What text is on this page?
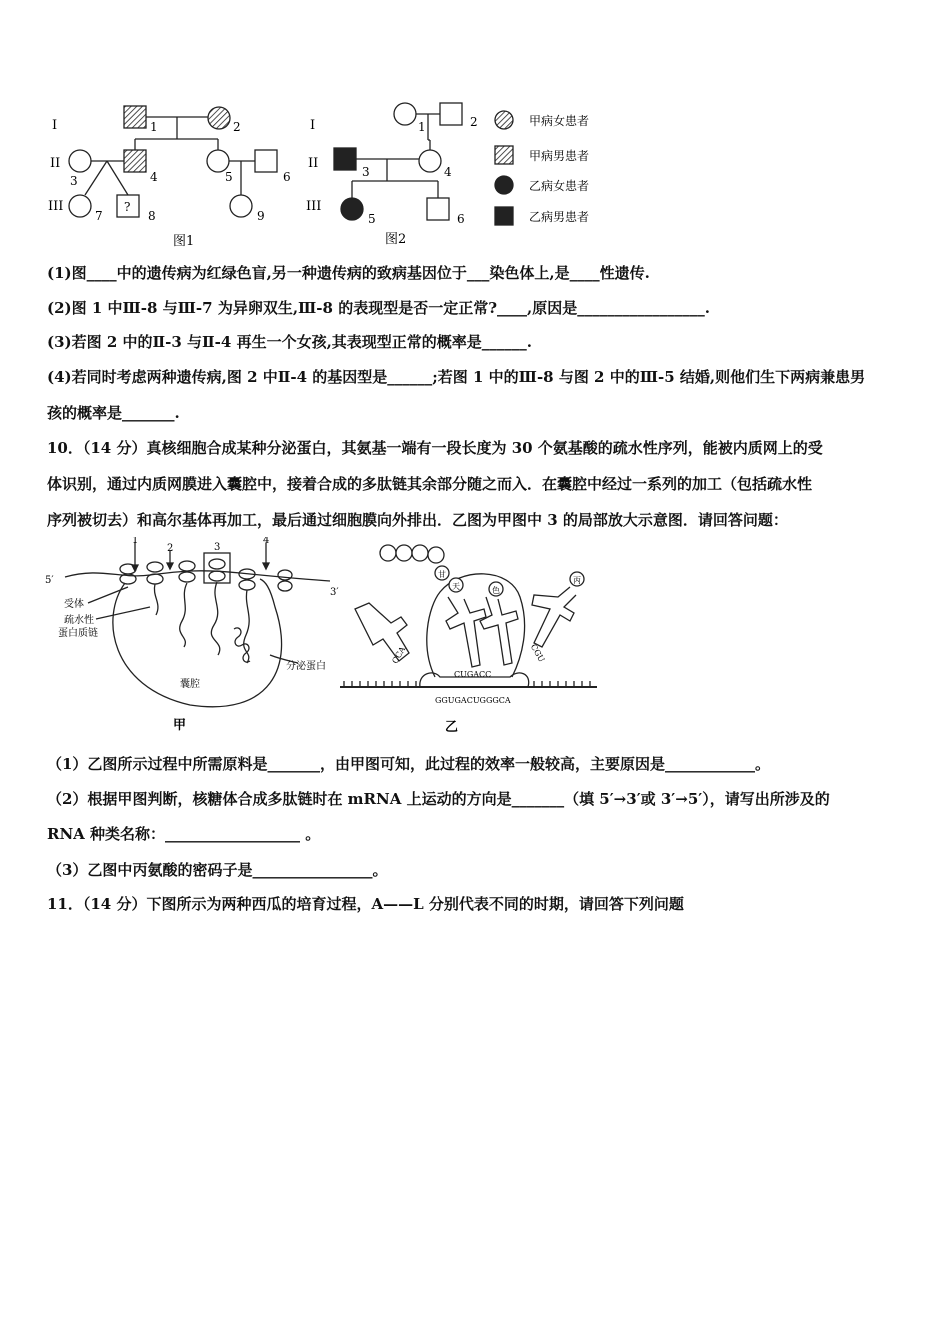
I
II
III	?
1	2
3	4	5	6
7	8	9
图1
I
II
III
1	2
3	4
5	6
图2
甲病女患者
甲病男患者
乙病女患者
乙病男患者
(1)图____中的遗传病为红绿色盲,另一种遗传病的致病基因位于___染色体上,是____性遗传.
(2)图 1 中Ⅲ-8 与Ⅲ-7 为异卵双生,Ⅲ-8 的表现型是否一定正常?____,原因是_________________.
(3)若图 2 中的Ⅱ-3 与Ⅱ-4 再生一个女孩,其表现型正常的概率是______.
(4)若同时考虑两种遗传病,图 2 中Ⅱ-4 的基因型是______;若图 1 中的Ⅲ-8 与图 2 中的Ⅲ-5 结婚,则他们生下两病兼患男
孩的概率是_______.
10．（14 分）真核细胞合成某种分泌蛋白，其氨基一端有一段长度为 30 个氨基酸的疏水性序列，能被内质网上的受
体识别，通过内质网膜进入囊腔中，接着合成的多肽链其余部分随之而入．在囊腔中经过一系列的加工（包括疏水性
序列被切去）和高尔基体再加工，最后通过细胞膜向外排出．乙图为甲图中 3 的局部放大示意图．请回答问题：
5′
3′
1
2	3
4
受体
疏水性
蛋白质链
分泌蛋白
囊腔
甲
甘
天	色
丙
CCA
CUGACC
CGU
GGUGACUGGGCA
乙
（1）乙图所示过程中所需原料是_______，由甲图可知，此过程的效率一般较高，主要原因是____________。
（2）根据甲图判断，核糖体合成多肽链时在 mRNA 上运动的方向是_______（填 5′→3′或 3′→5′），请写出所涉及的
RNA 种类名称：__________________ 。
（3）乙图中丙氨酸的密码子是________________。
11．（14 分）下图所示为两种西瓜的培育过程，A——L 分别代表不同的时期，请回答下列问题
